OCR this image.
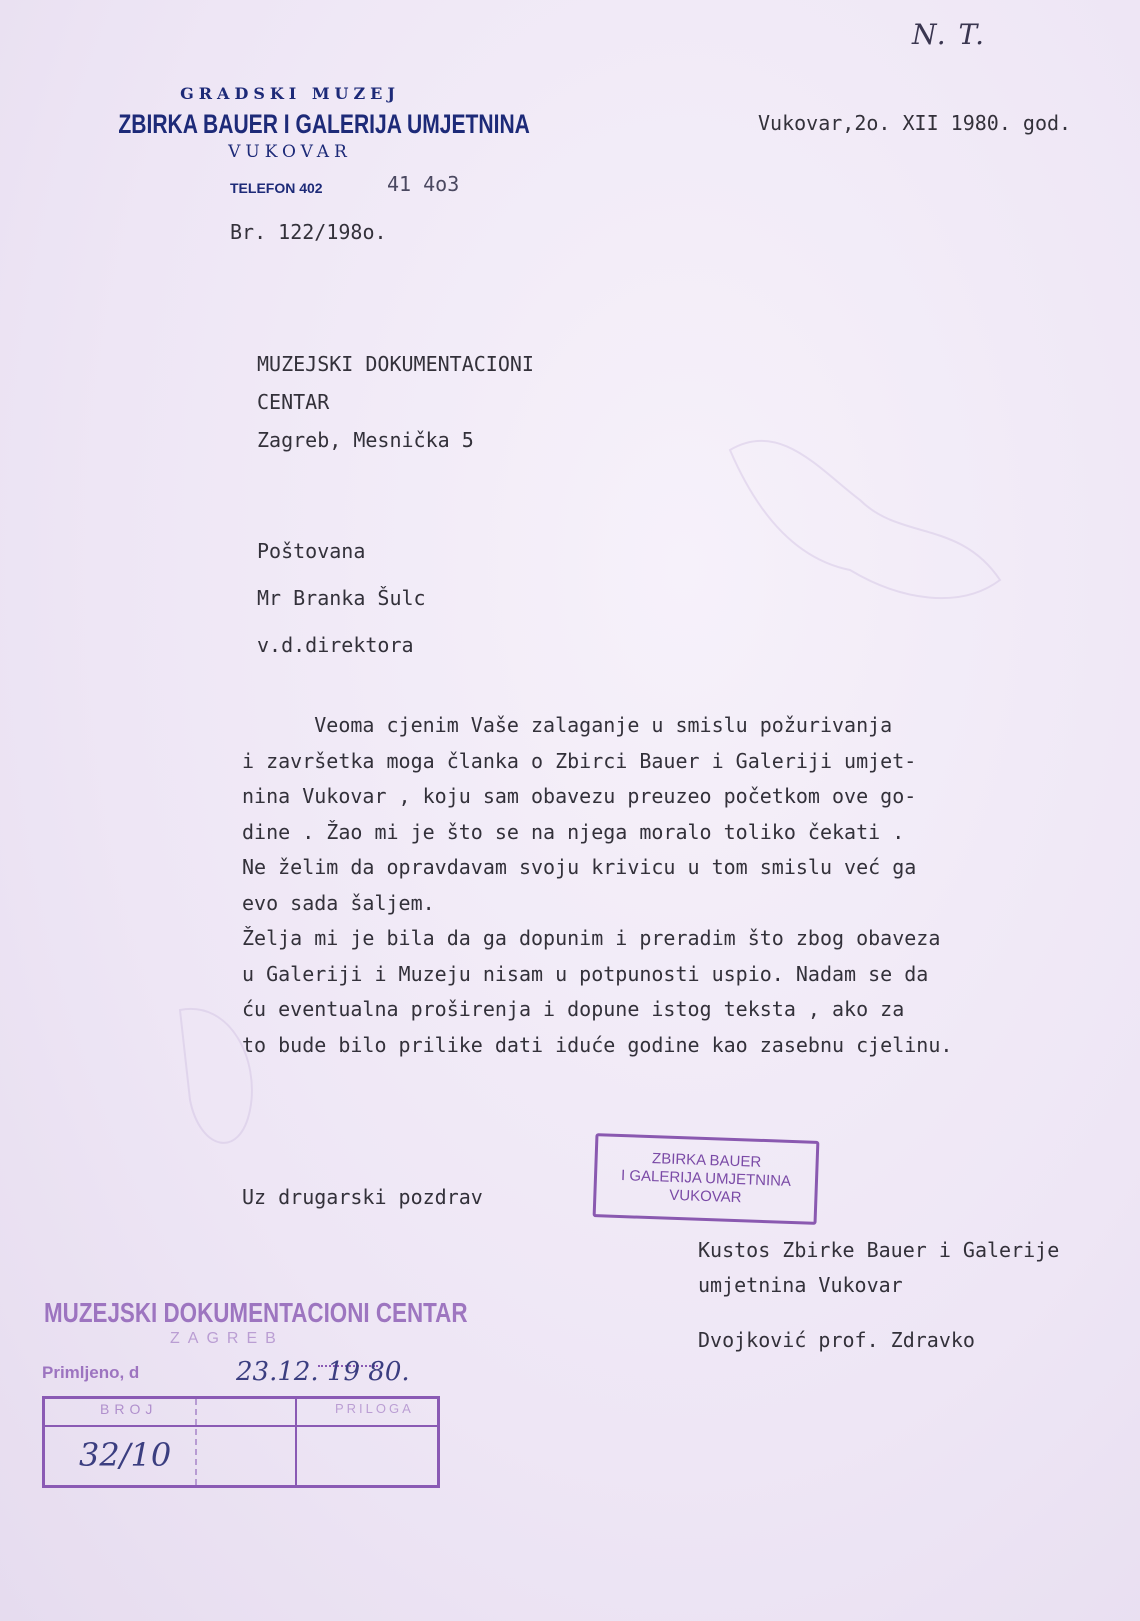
N. T.
GRADSKI MUZEJ
ZBIRKA BAUER I GALERIJA UMJETNINA
VUKOVAR
TELEFON 402	41 4o3
Br. 122/198o.
Vukovar,2o. XII 1980. god.
MUZEJSKI DOKUMENTACIONI
CENTAR
Zagreb, Mesnička 5
Poštovana
Mr Branka Šulc
v.d.direktora
Veoma cjenim Vaše zalaganje u smislu požurivanja
i završetka moga članka o Zbirci Bauer i Galeriji umjet-
nina Vukovar , koju sam obavezu preuzeo početkom ove go-
dine . Žao mi je što se na njega moralo toliko čekati .
Ne želim da opravdavam svoju krivicu u tom smislu već ga
evo sada šaljem.
Želja mi je bila da ga dopunim i preradim što zbog obaveza
u Galeriji i Muzeju nisam u potpunosti uspio. Nadam se da
ću eventualna proširenja i dopune istog teksta , ako za
to bude bilo prilike dati iduće godine kao zasebnu cjelinu.
Uz drugarski pozdrav
ZBIRKA BAUER
I GALERIJA UMJETNINA
VUKOVAR
Kustos Zbirke Bauer i Galerije
umjetnina Vukovar
Dvojković prof. Zdravko
MUZEJSKI DOKUMENTACIONI CENTAR
ZAGREB
Primljeno, d	23.12. 19 80.
BROJ	PRILOGA
32/10
